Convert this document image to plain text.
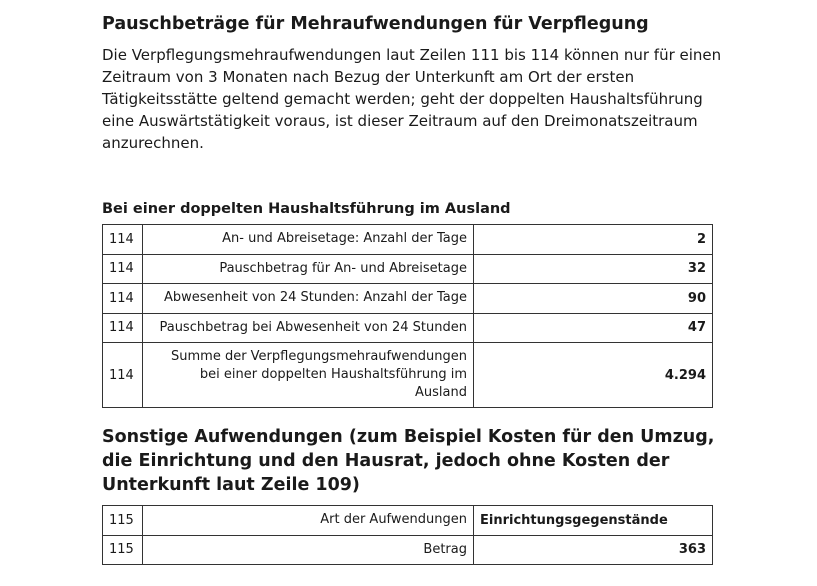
Pauschbeträge für Mehraufwendungen für Verpflegung

Die Verpflegungsmehraufwendungen laut Zeilen 111 bis 114 können nur für einen Zeitraum von 3 Monaten nach Bezug der Unterkunft am Ort der ersten Tätigkeitsstätte geltend gemacht werden; geht der doppelten Haushaltsführung eine Auswärtstätigkeit voraus, ist dieser Zeitraum auf den Dreimonatszeitraum anzurechnen.

Bei einer doppelten Haushaltsführung im Ausland
114	An- und Abreisetage: Anzahl der Tage	2
114	Pauschbetrag für An- und Abreisetage	32
114	Abwesenheit von 24 Stunden: Anzahl der Tage	90
114	Pauschbetrag bei Abwesenheit von 24 Stunden	47
114	Summe der Verpflegungsmehraufwendungen bei einer doppelten Haushaltsführung im Ausland	4.294
Sonstige Aufwendungen (zum Beispiel Kosten für den Umzug, die Einrichtung und den Hausrat, jedoch ohne Kosten der Unterkunft laut Zeile 109)
115	Art der Aufwendungen	Einrichtungsgegenstände
115	Betrag	363
